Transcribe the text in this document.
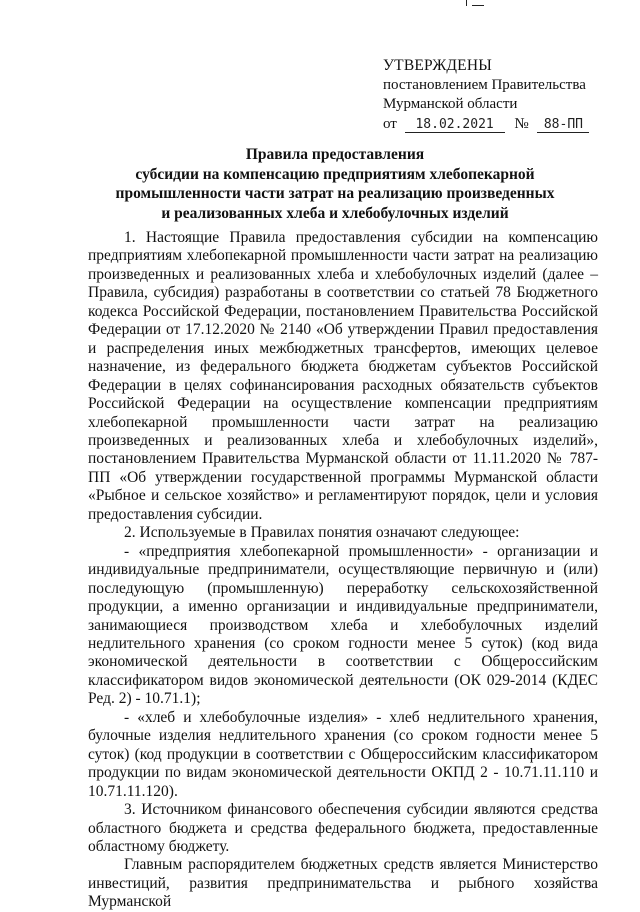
УТВЕРЖДЕНЫ
постановлением Правительства
Мурманской области
от 18.02.2021 № 88-ПП
Правила предоставления
субсидии на компенсацию предприятиям хлебопекарной
промышленности части затрат на реализацию произведенных
и реализованных хлеба и хлебобулочных изделий

1. Настоящие Правила предоставления субсидии на компенсацию предприятиям хлебопекарной промышленности части затрат на реализацию произведенных и реализованных хлеба и хлебобулочных изделий (далее – Правила, субсидия) разработаны в соответствии со статьей 78 Бюджетного кодекса Российской Федерации, постановлением Правительства Российской Федерации от 17.12.2020 № 2140 «Об утверждении Правил предоставления и распределения иных межбюджетных трансфертов, имеющих целевое назначение, из федерального бюджета бюджетам субъектов Российской Федерации в целях софинансирования расходных обязательств субъектов Российской Федерации на осуществление компенсации предприятиям хлебопекарной промышленности части затрат на реализацию произведенных и реализованных хлеба и хлебобулочных изделий», постановлением Правительства Мурманской области от 11.11.2020 № 787-ПП «Об утверждении государственной программы Мурманской области «Рыбное и сельское хозяйство» и регламентируют порядок, цели и условия предоставления субсидии.

2. Используемые в Правилах понятия означают следующее:

- «предприятия хлебопекарной промышленности» - организации и индивидуальные предприниматели, осуществляющие первичную и (или) последующую (промышленную) переработку сельскохозяйственной продукции, а именно организации и индивидуальные предприниматели, занимающиеся производством хлеба и хлебобулочных изделий недлительного хранения (со сроком годности менее 5 суток) (код вида экономической деятельности в соответствии с Общероссийским классификатором видов экономической деятельности (ОК 029-2014 (КДЕС Ред. 2) - 10.71.1);

- «хлеб и хлебобулочные изделия» - хлеб недлительного хранения, булочные изделия недлительного хранения (со сроком годности менее 5 суток) (код продукции в соответствии с Общероссийским классификатором продукции по видам экономической деятельности ОКПД 2 - 10.71.11.110 и 10.71.11.120).

3. Источником финансового обеспечения субсидии являются средства областного бюджета и средства федерального бюджета, предоставленные областному бюджету.

Главным распорядителем бюджетных средств является Министерство инвестиций, развития предпринимательства и рыбного хозяйства Мурманской
